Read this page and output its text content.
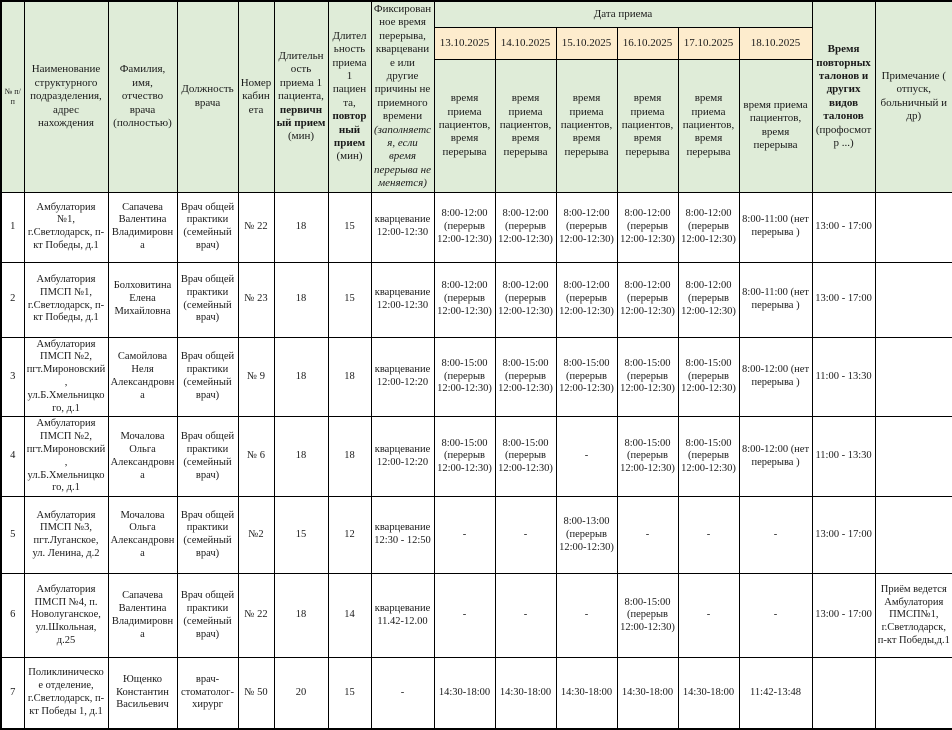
№ п/п	Наименование структурного подразделения, адрес нахождения	Фамилия, имя, отчество врача (полностью)	Должность врача	Номер кабинета	Длительность приема 1 пациента, первичный прием (мин)	Длительность приема 1 пациента, повторный прием (мин)	Фиксированное время перерыва, кварцевание или другие причины не приемного времени (заполняется, если время перерыва не меняется)	Дата приема						Время повторных талонов и других видов талонов (профосмотр ...)	Примечание ( отпуск, больничный и др)
								13.10.2025	14.10.2025	15.10.2025	16.10.2025	17.10.2025	18.10.2025		
								время приема пациентов, время перерыва	время приема пациентов, время перерыва	время приема пациентов, время перерыва	время приема пациентов, время перерыва	время приема пациентов, время перерыва	время приема пациентов, время перерыва		
1	Амбулатория №1, г.Светлодарск, п-кт Победы, д.1	Сапачева Валентина Владимировна	Врач общей практики (семейный врач)	№ 22	18	15	кварцевание 12:00-12:30	8:00-12:00 (перерыв 12:00-12:30)	8:00-12:00 (перерыв 12:00-12:30)	8:00-12:00 (перерыв 12:00-12:30)	8:00-12:00 (перерыв 12:00-12:30)	8:00-12:00 (перерыв 12:00-12:30)	8:00-11:00 (нет перерыва )	13:00 - 17:00	
2	Амбулатория ПМСП №1, г.Светлодарск, п-кт Победы, д.1	Болховитина Елена Михайловна	Врач общей практики (семейный врач)	№ 23	18	15	кварцевание 12:00-12:30	8:00-12:00 (перерыв 12:00-12:30)	8:00-12:00 (перерыв 12:00-12:30)	8:00-12:00 (перерыв 12:00-12:30)	8:00-12:00 (перерыв 12:00-12:30)	8:00-12:00 (перерыв 12:00-12:30)	8:00-11:00 (нет перерыва )	13:00 - 17:00	
3	Амбулатория ПМСП №2, пгт.Мироновский, ул.Б.Хмельницкого, д.1	Самойлова Неля Александровна	Врач общей практики (семейный врач)	№ 9	18	18	кварцевание 12:00-12:20	8:00-15:00 (перерыв 12:00-12:30)	8:00-15:00 (перерыв 12:00-12:30)	8:00-15:00 (перерыв 12:00-12:30)	8:00-15:00 (перерыв 12:00-12:30)	8:00-15:00 (перерыв 12:00-12:30)	8:00-12:00 (нет перерыва )	11:00 - 13:30	
4	Амбулатория ПМСП №2, пгт.Мироновский, ул.Б.Хмельницкого, д.1	Мочалова Ольга Александровна	Врач общей практики (семейный врач)	№ 6	18	18	кварцевание 12:00-12:20	8:00-15:00 (перерыв 12:00-12:30)	8:00-15:00 (перерыв 12:00-12:30)	-	8:00-15:00 (перерыв 12:00-12:30)	8:00-15:00 (перерыв 12:00-12:30)	8:00-12:00 (нет перерыва )	11:00 - 13:30	
5	Амбулатория ПМСП №3, пгт.Луганское, ул. Ленина, д.2	Мочалова Ольга Александровна	Врач общей практики (семейный врач)	№2	15	12	кварцевание 12:30 - 12:50	-	-	8:00-13:00 (перерыв 12:00-12:30)	-	-	-	13:00 - 17:00	
6	Амбулатория ПМСП №4, п. Новолуганское, ул.Школьная, д.25	Сапачева Валентина Владимировна	Врач общей практики (семейный врач)	№ 22	18	14	кварцевание 11.42-12.00	-	-	-	8:00-15:00 (перерыв 12:00-12:30)	-	-	13:00 - 17:00	Приём ведется Амбулатория ПМСП№1, г.Светлодарск, п-кт Победы,д.1
7	Поликлиническое отделение, г.Светлодарск, п-кт Победы 1, д.1	Ющенко Константин Васильевич	врач-стоматолог-хирург	№ 50	20	15	-	14:30-18:00	14:30-18:00	14:30-18:00	14:30-18:00	14:30-18:00	11:42-13:48		
